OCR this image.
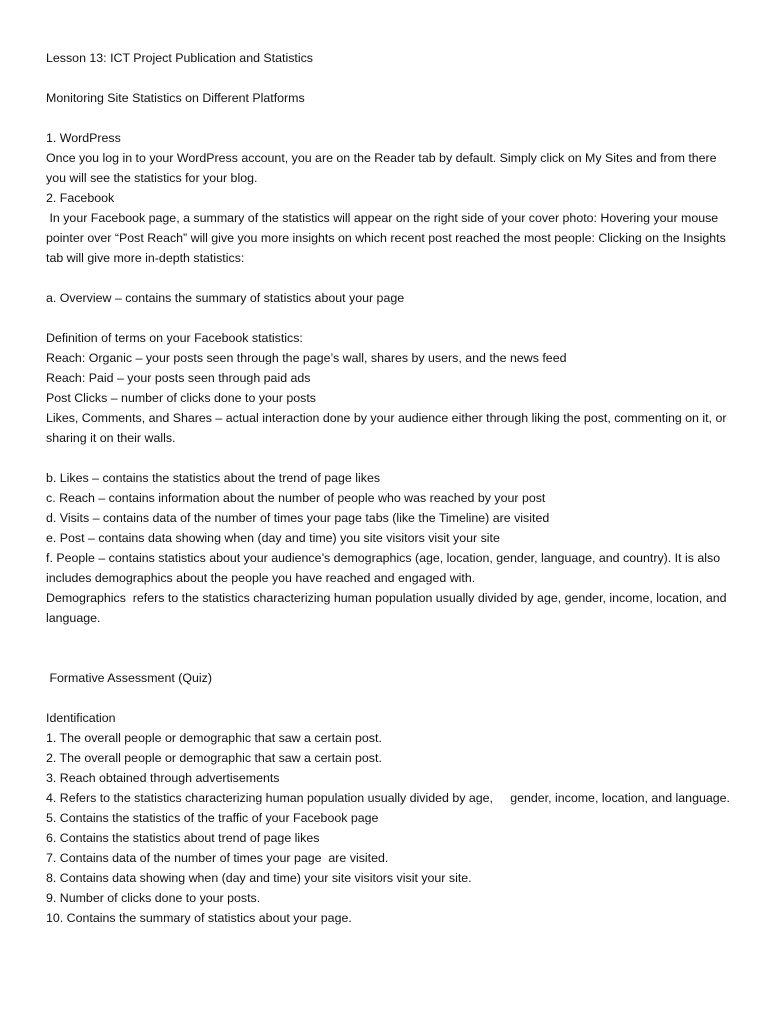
Lesson 13: ICT Project Publication and Statistics
Monitoring Site Statistics on Different Platforms
1. WordPress
Once you log in to your WordPress account, you are on the Reader tab by default. Simply click on My Sites and from there you will see the statistics for your blog.
2. Facebook
In your Facebook page, a summary of the statistics will appear on the right side of your cover photo: Hovering your mouse pointer over “Post Reach” will give you more insights on which recent post reached the most people: Clicking on the Insights tab will give more in-depth statistics:
a. Overview – contains the summary of statistics about your page
Definition of terms on your Facebook statistics:
Reach: Organic – your posts seen through the page’s wall, shares by users, and the news feed
Reach: Paid – your posts seen through paid ads
Post Clicks – number of clicks done to your posts
Likes, Comments, and Shares – actual interaction done by your audience either through liking the post, commenting on it, or sharing it on their walls.
b. Likes – contains the statistics about the trend of page likes
c. Reach – contains information about the number of people who was reached by your post
d. Visits – contains data of the number of times your page tabs (like the Timeline) are visited
e. Post – contains data showing when (day and time) you site visitors visit your site
f. People – contains statistics about your audience’s demographics (age, location, gender, language, and country). It is also includes demographics about the people you have reached and engaged with.
Demographics  refers to the statistics characterizing human population usually divided by age, gender, income, location, and language.
Formative Assessment (Quiz)
Identification
1. The overall people or demographic that saw a certain post.
2. The overall people or demographic that saw a certain post.
3. Reach obtained through advertisements
4. Refers to the statistics characterizing human population usually divided by age,     gender, income, location, and language.
5. Contains the statistics of the traffic of your Facebook page
6. Contains the statistics about trend of page likes
7. Contains data of the number of times your page  are visited.
8. Contains data showing when (day and time) your site visitors visit your site.
9. Number of clicks done to your posts.
10. Contains the summary of statistics about your page.
